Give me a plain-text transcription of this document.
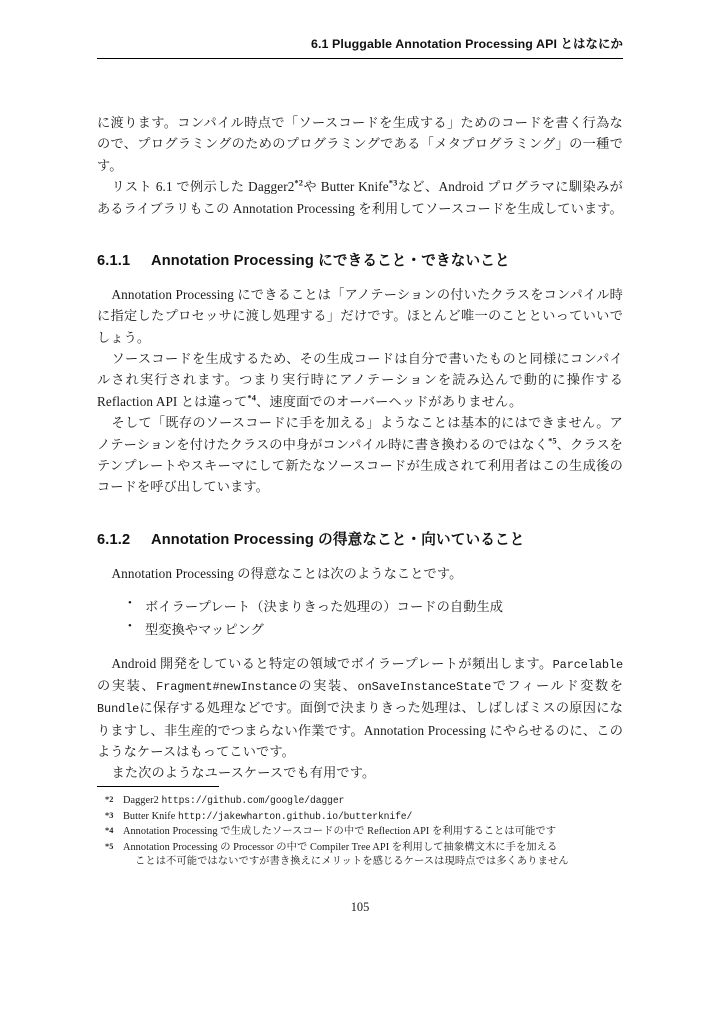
6.1 Pluggable Annotation Processing API とはなにか

に渡ります。コンパイル時点で「ソースコードを生成する」ためのコードを書く行為なので、プログラミングのためのプログラミングである「メタプログラミング」の一種です。

リスト 6.1 で例示した Dagger2$^{*2}$や Butter Knife$^{*3}$など、Android プログラマに馴染みがあるライブラリもこの Annotation Processing を利用してソースコードを生成しています。

6.1.1 Annotation Processing にできること・できないこと

Annotation Processing にできることは「アノテーションの付いたクラスをコンパイル時に指定したプロセッサに渡し処理する」だけです。ほとんど唯一のことといっていいでしょう。

ソースコードを生成するため、その生成コードは自分で書いたものと同様にコンパイルされ実行されます。つまり実行時にアノテーションを読み込んで動的に操作する Reflaction API とは違って$^{*4}$、速度面でのオーバーヘッドがありません。

そして「既存のソースコードに手を加える」ようなことは基本的にはできません。アノテーションを付けたクラスの中身がコンパイル時に書き換わるのではなく$^{*5}$、クラスをテンプレートやスキーマにして新たなソースコードが生成されて利用者はこの生成後のコードを呼び出しています。

6.1.2 Annotation Processing の得意なこと・向いていること

Annotation Processing の得意なことは次のようなことです。

• ボイラープレート（決まりきった処理の）コードの自動生成
• 型変換やマッピング

Android 開発をしていると特定の領域でボイラープレートが頻出します。Parcelableの実装、Fragment#newInstanceの実装、onSaveInstanceStateでフィールド変数を Bundleに保存する処理などです。面倒で決まりきった処理は、しばしばミスの原因になりますし、非生産的でつまらない作業です。Annotation Processing にやらせるのに、このようなケースはもってこいです。

また次のようなユースケースでも有用です。

*2 Dagger2 https://github.com/google/dagger
*3 Butter Knife http://jakewharton.github.io/butterknife/
*4 Annotation Processing で生成したソースコードの中で Reflection API を利用することは可能です
*5 Annotation Processing の Processor の中で Compiler Tree API を利用して抽象構文木に手を加える
ことは不可能ではないですが書き換えにメリットを感じるケースは現時点では多くありません
105
